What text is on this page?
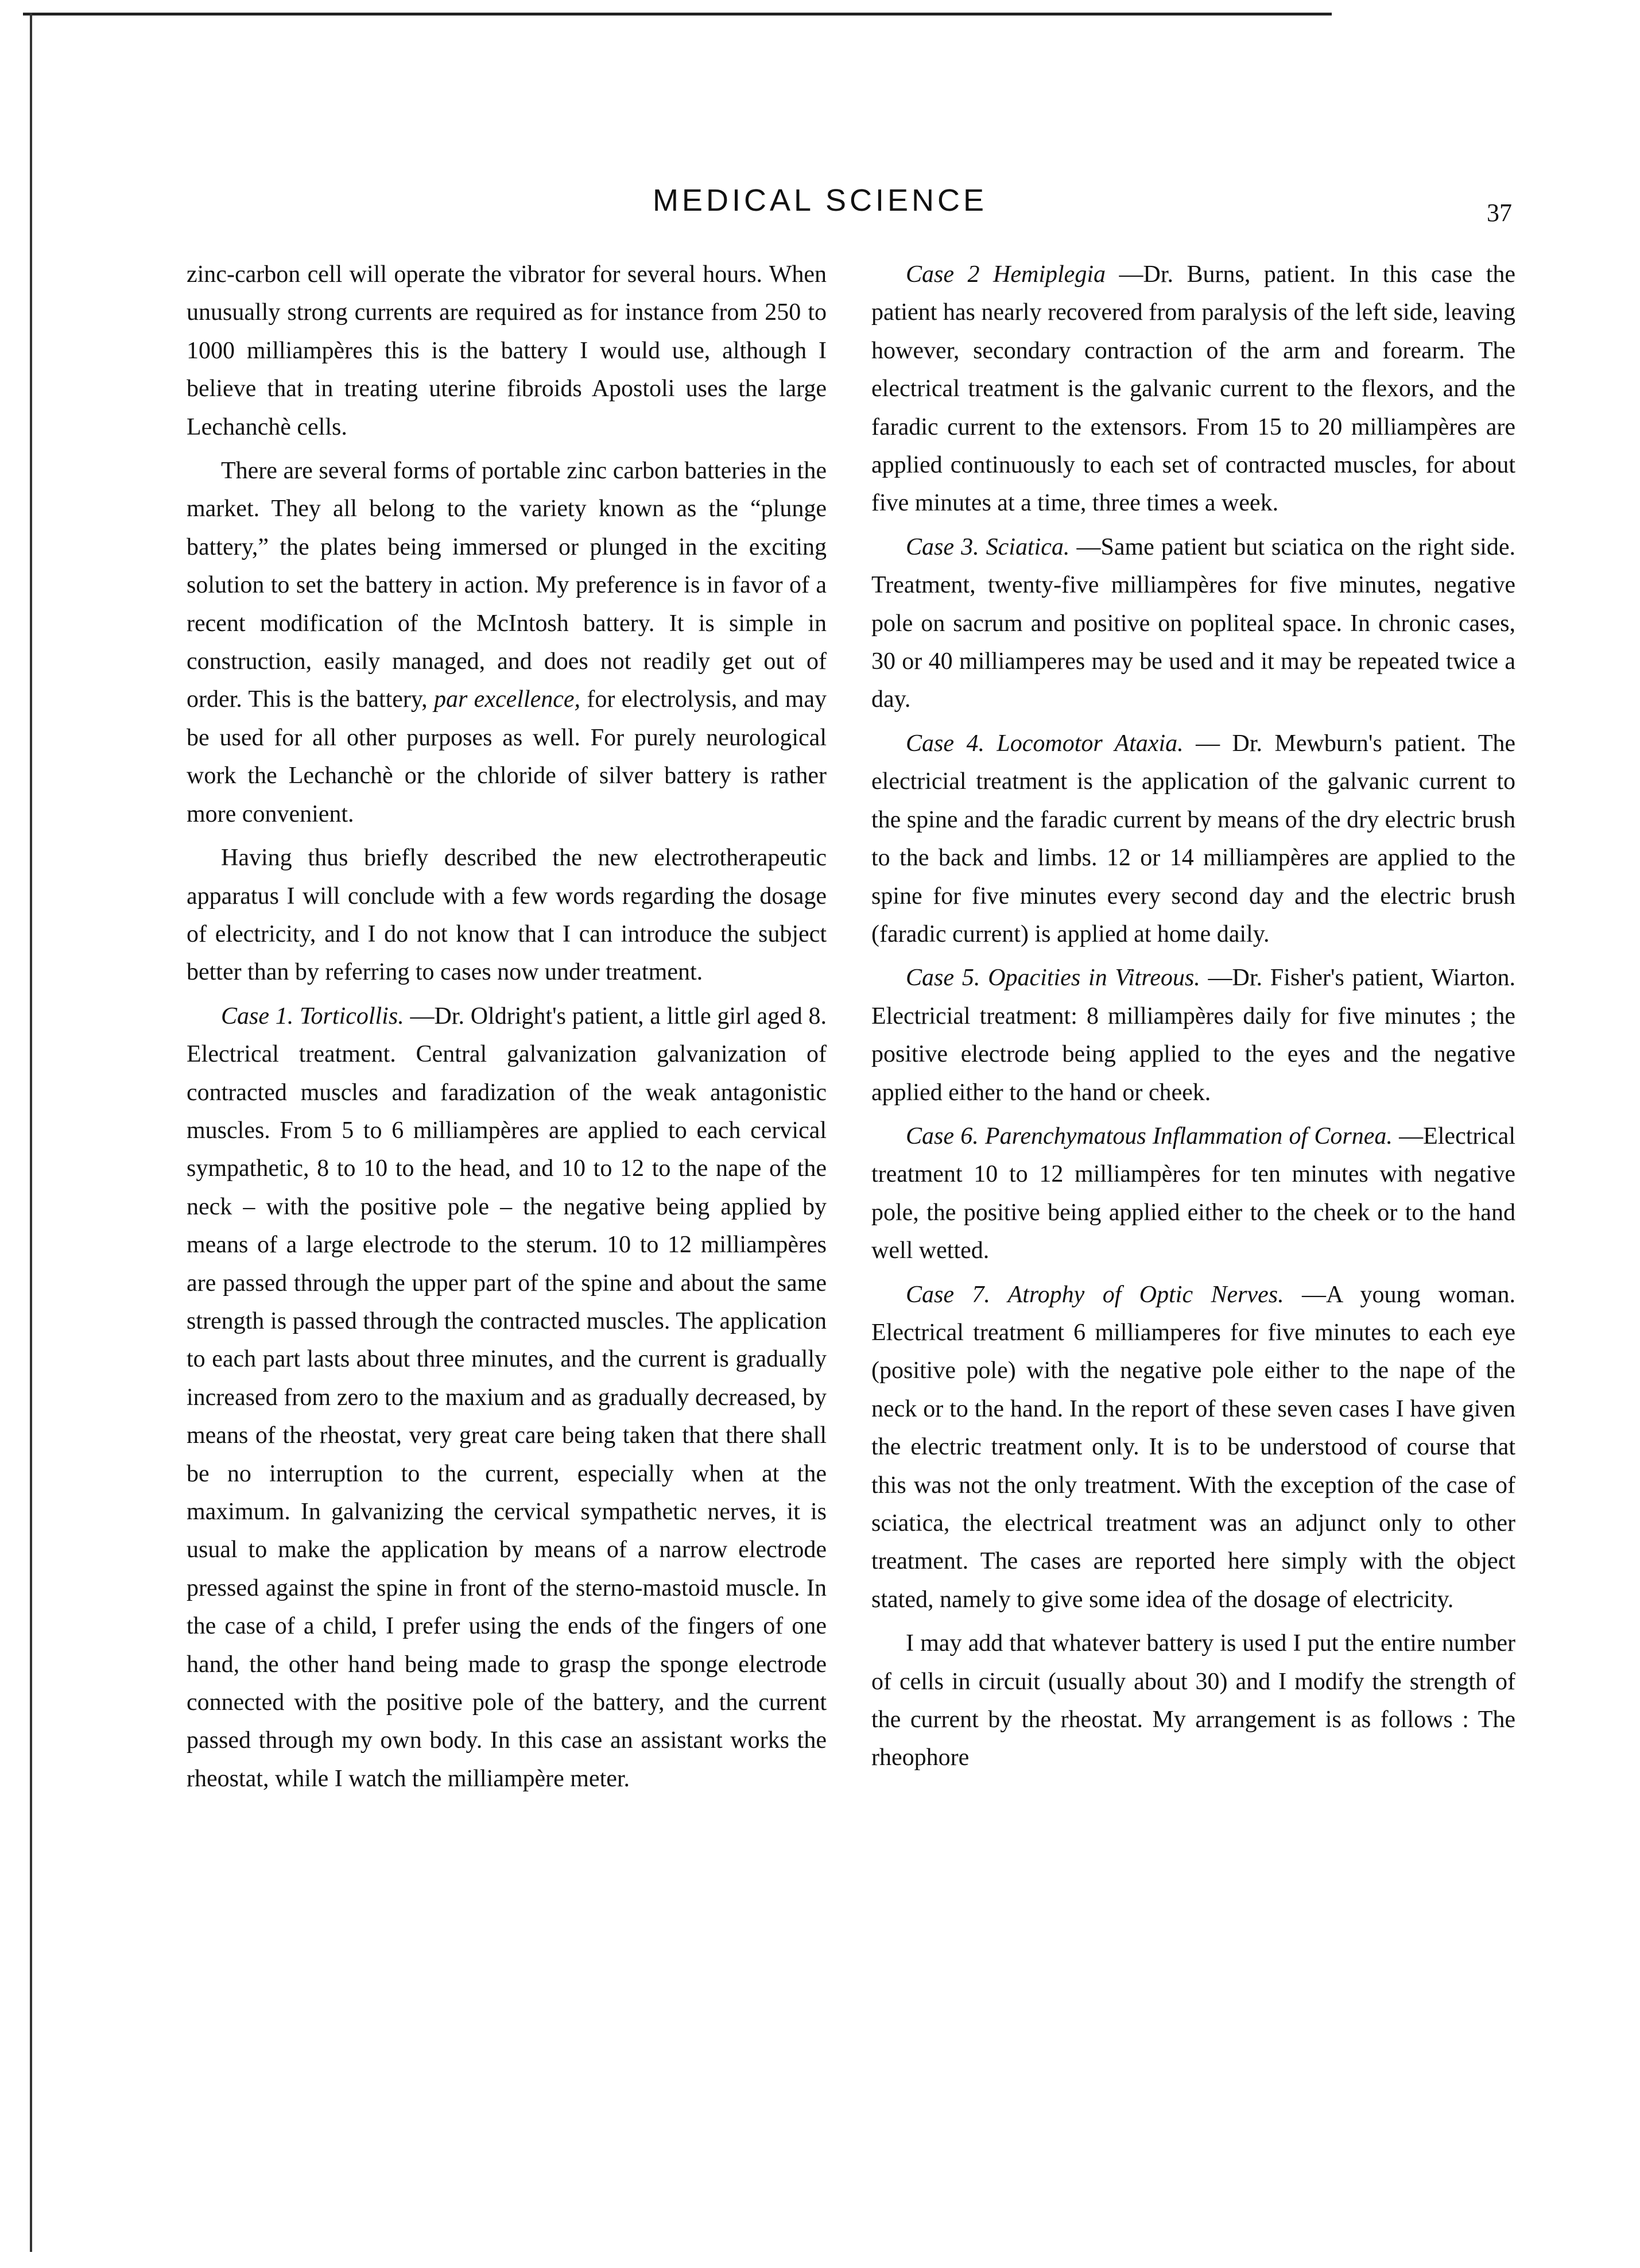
MEDICAL SCIENCE	37

zinc-carbon cell will operate the vibrator for several hours. When unusually strong currents are required as for instance from 250 to 1000 milliampères this is the battery I would use, although I believe that in treating uterine fibroids Apostoli uses the large Lechanchè cells.

There are several forms of portable zinc carbon batteries in the market. They all belong to the variety known as the “plunge battery,” the plates being immersed or plunged in the exciting solution to set the battery in action. My preference is in favor of a recent modification of the McIntosh battery. It is simple in construction, easily managed, and does not readily get out of order. This is the battery, par excellence, for electrolysis, and may be used for all other purposes as well. For purely neurological work the Lechanchè or the chloride of silver battery is rather more convenient.

Having thus briefly described the new electrotherapeutic apparatus I will conclude with a few words regarding the dosage of electricity, and I do not know that I can introduce the subject better than by referring to cases now under treatment.

Case 1. Torticollis. —Dr. Oldright's patient, a little girl aged 8. Electrical treatment. Central galvanization galvanization of contracted muscles and faradization of the weak antagonistic muscles. From 5 to 6 milliampères are applied to each cervical sympathetic, 8 to 10 to the head, and 10 to 12 to the nape of the neck – with the positive pole – the negative being applied by means of a large electrode to the sterum. 10 to 12 milliampères are passed through the upper part of the spine and about the same strength is passed through the contracted muscles. The application to each part lasts about three minutes, and the current is gradually increased from zero to the maxium and as gradually decreased, by means of the rheostat, very great care being taken that there shall be no interruption to the current, especially when at the maximum. In galvanizing the cervical sympathetic nerves, it is usual to make the application by means of a narrow electrode pressed against the spine in front of the sterno-mastoid muscle. In the case of a child, I prefer using the ends of the fingers of one hand, the other hand being made to grasp the sponge electrode connected with the positive pole of the battery, and the current passed through my own body. In this case an assistant works the rheostat, while I watch the milliampère meter.

Case 2 Hemiplegia —Dr. Burns, patient. In this case the patient has nearly recovered from paralysis of the left side, leaving however, secondary contraction of the arm and forearm. The electrical treatment is the galvanic current to the flexors, and the faradic current to the extensors. From 15 to 20 milliampères are applied continuously to each set of contracted muscles, for about five minutes at a time, three times a week.

Case 3. Sciatica. —Same patient but sciatica on the right side. Treatment, twenty-five milliampères for five minutes, negative pole on sacrum and positive on popliteal space. In chronic cases, 30 or 40 milliamperes may be used and it may be repeated twice a day.

Case 4. Locomotor Ataxia. — Dr. Mewburn's patient. The electricial treatment is the application of the galvanic current to the spine and the faradic current by means of the dry electric brush to the back and limbs. 12 or 14 milliampères are applied to the spine for five minutes every second day and the electric brush (faradic current) is applied at home daily.

Case 5. Opacities in Vitreous. —Dr. Fisher's patient, Wiarton. Electricial treatment: 8 milliampères daily for five minutes ; the positive electrode being applied to the eyes and the negative applied either to the hand or cheek.

Case 6. Parenchymatous Inflammation of Cornea. —Electrical treatment 10 to 12 milliampères for ten minutes with negative pole, the positive being applied either to the cheek or to the hand well wetted.

Case 7. Atrophy of Optic Nerves. —A young woman. Electrical treatment 6 milliamperes for five minutes to each eye (positive pole) with the negative pole either to the nape of the neck or to the hand. In the report of these seven cases I have given the electric treatment only. It is to be understood of course that this was not the only treatment. With the exception of the case of sciatica, the electrical treatment was an adjunct only to other treatment. The cases are reported here simply with the object stated, namely to give some idea of the dosage of electricity.

I may add that whatever battery is used I put the entire number of cells in circuit (usually about 30) and I modify the strength of the current by the rheostat. My arrangement is as follows : The rheophore
